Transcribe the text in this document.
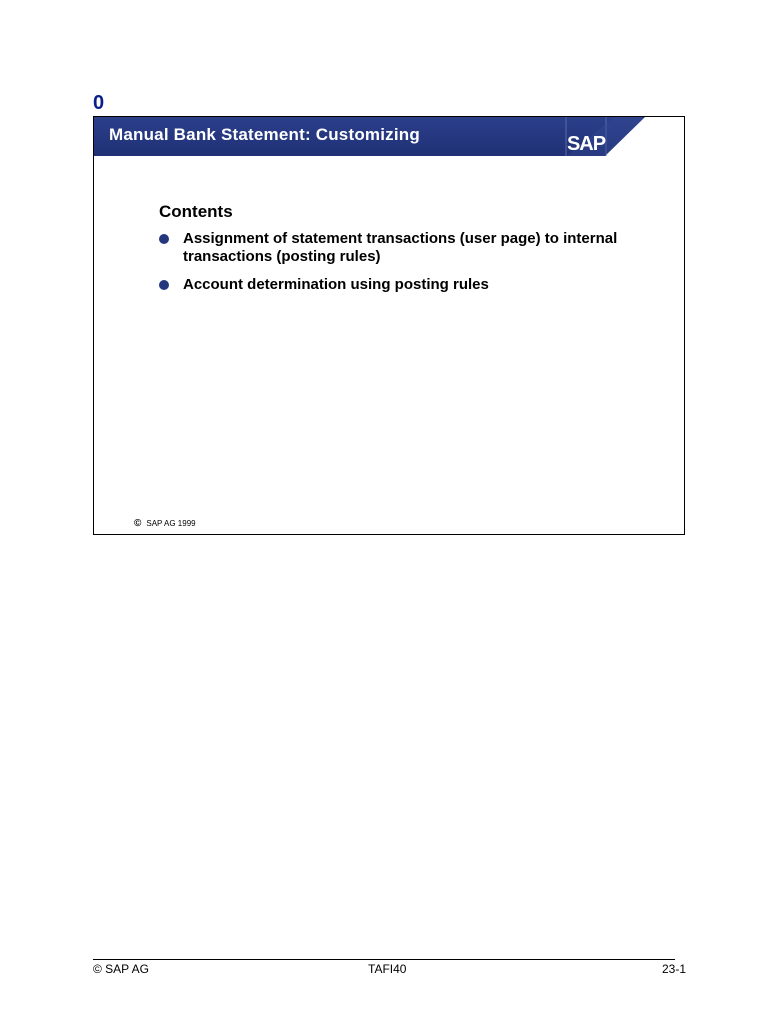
0
Manual Bank Statement: Customizing	SAP
Contents
Assignment of statement transactions (user page) to internal transactions (posting rules)
Account determination using posting rules
© SAP AG 1999
© SAP AG	TAFI40	23-1
